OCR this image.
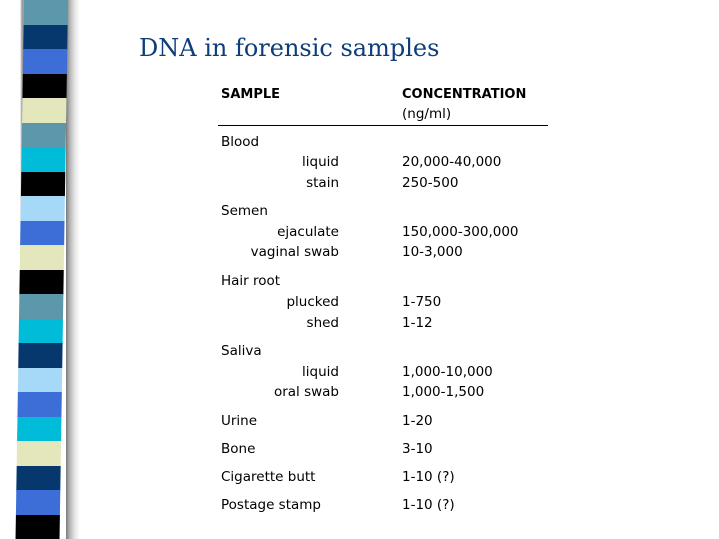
DNA in forensic samples
SAMPLE	CONCENTRATION
(ng/ml)
Blood
liquid	20,000-40,000
stain	250-500
Semen
ejaculate	150,000-300,000
vaginal swab	10-3,000
Hair root
plucked	1-750
shed	1-12
Saliva
liquid	1,000-10,000
oral swab	1,000-1,500
Urine	1-20
Bone	3-10
Cigarette butt	1-10 (?)
Postage stamp	1-10 (?)
